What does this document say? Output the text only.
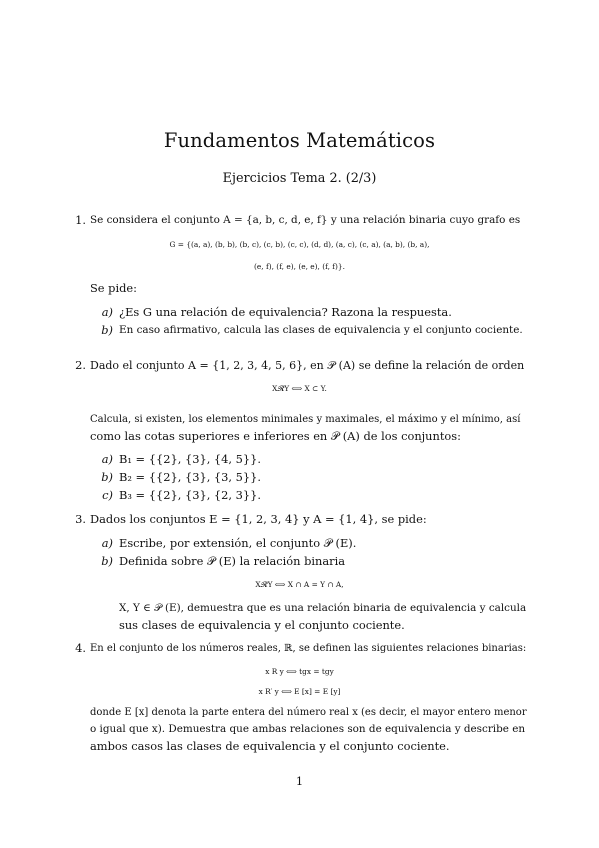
Fundamentos Matemáticos
Ejercicios Tema 2. (2/3)
1. Se considera el conjunto A = {a, b, c, d, e, f} y una relación binaria cuyo grafo es
G = {(a, a), (b, b), (b, c), (c, b), (c, c), (d, d), (a, c), (c, a), (a, b), (b, a),
(e, f), (f, e), (e, e), (f, f)}.
Se pide:
a) ¿Es G una relación de equivalencia? Razona la respuesta.
b) En caso afirmativo, calcula las clases de equivalencia y el conjunto cociente.
2. Dado el conjunto A = {1, 2, 3, 4, 5, 6}, en 𝒫 (A) se define la relación de orden
X𝓡Y ⟺ X ⊂ Y.
Calcula, si existen, los elementos minimales y maximales, el máximo y el mínimo, así
como las cotas superiores e inferiores en 𝒫 (A) de los conjuntos:
a) B₁ = {{2}, {3}, {4, 5}}.
b) B₂ = {{2}, {3}, {3, 5}}.
c) B₃ = {{2}, {3}, {2, 3}}.
3. Dados los conjuntos E = {1, 2, 3, 4} y A = {1, 4}, se pide:
a) Escribe, por extensión, el conjunto 𝒫 (E).
b) Definida sobre 𝒫 (E) la relación binaria
X𝓡Y ⟺ X ∩ A = Y ∩ A,
X, Y ∈ 𝒫 (E), demuestra que es una relación binaria de equivalencia y calcula
sus clases de equivalencia y el conjunto cociente.
4. En el conjunto de los números reales, ℝ, se definen las siguientes relaciones binarias:
x R y ⟺ tgx = tgy
x R′ y ⟺ E [x] = E [y]
donde E [x] denota la parte entera del número real x (es decir, el mayor entero menor
o igual que x). Demuestra que ambas relaciones son de equivalencia y describe en
ambos casos las clases de equivalencia y el conjunto cociente.
1
